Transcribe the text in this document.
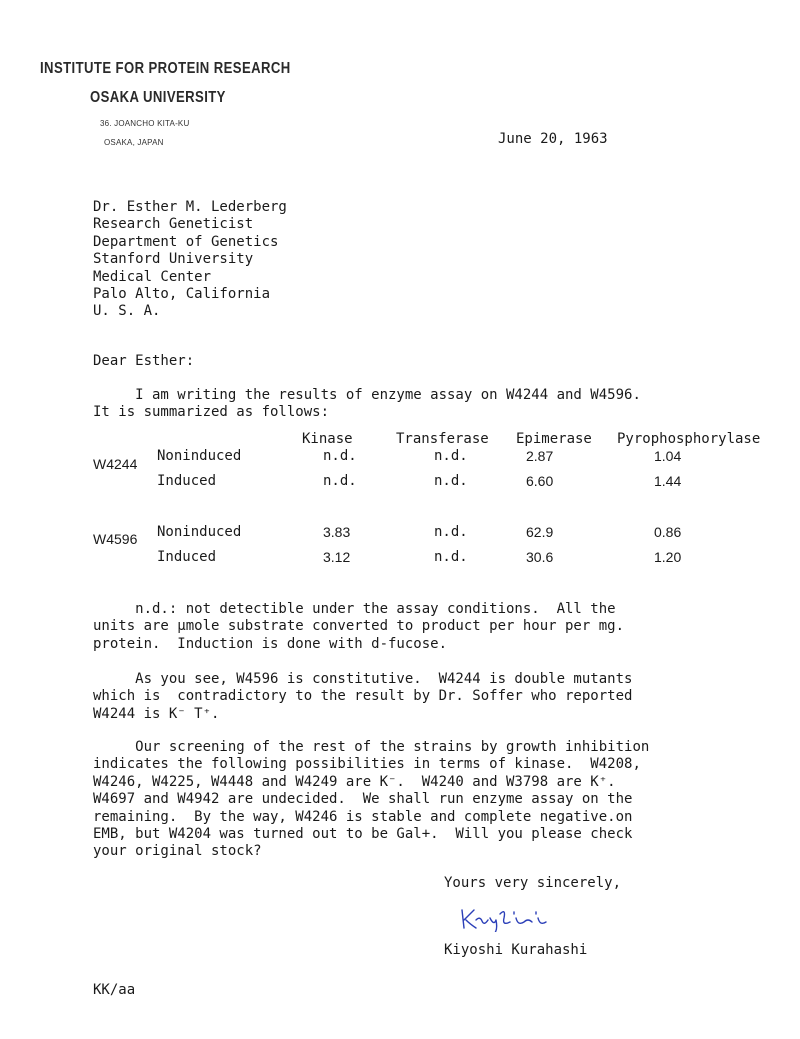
INSTITUTE FOR PROTEIN RESEARCH
OSAKA UNIVERSITY
36. JOANCHO KITA-KU
OSAKA, JAPAN	June 20, 1963
Dr. Esther M. Lederberg
Research Geneticist
Department of Genetics
Stanford University
Medical Center
Palo Alto, California
U. S. A.
Dear Esther:
I am writing the results of enzyme assay on W4244 and W4596.
It is summarized as follows:
Kinase	Transferase Epimerase Pyrophosphorylase
W4244 Noninduced	n.d.	n.d.	2.87	1.04
Induced	n.d.	n.d.	6.60	1.44
W4596 Noninduced	3.83	n.d.	62.9	0.86
Induced	3.12	n.d.	30.6	1.20
n.d.: not detectible under the assay conditions.  All the
units are μmole substrate converted to product per hour per mg.
protein.  Induction is done with d-fucose.
As you see, W4596 is constitutive.  W4244 is double mutants
which is  contradictory to the result by Dr. Soffer who reported
W4244 is K⁻ T⁺.
Our screening of the rest of the strains by growth inhibition
indicates the following possibilities in terms of kinase.  W4208,
W4246, W4225, W4448 and W4249 are K⁻.  W4240 and W3798 are K⁺.
W4697 and W4942 are undecided.  We shall run enzyme assay on the
remaining.  By the way, W4246 is stable and complete negative.on
EMB, but W4204 was turned out to be Gal+.  Will you please check
your original stock?
Yours very sincerely,
Kiyoshi Kurahashi
KK/aa
